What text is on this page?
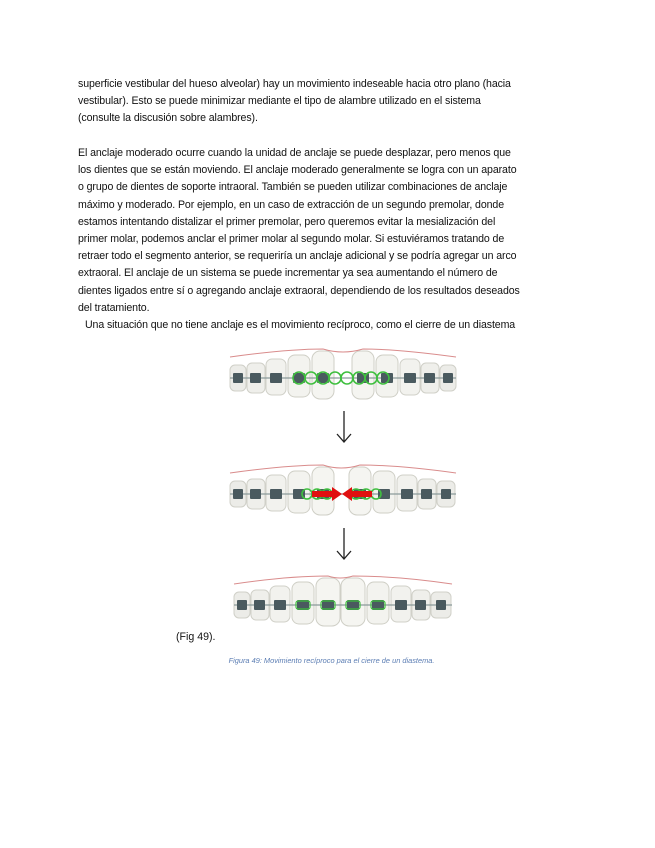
superficie vestibular del hueso alveolar) hay un movimiento indeseable hacia otro plano (hacia

vestibular). Esto se puede minimizar mediante el tipo de alambre utilizado en el sistema

(consulte la discusión sobre alambres).

El anclaje moderado ocurre cuando la unidad de anclaje se puede desplazar, pero menos que

los dientes que se están moviendo. El anclaje moderado generalmente se logra con un aparato

o grupo de dientes de soporte intraoral. También se pueden utilizar combinaciones de anclaje

máximo y moderado. Por ejemplo, en un caso de extracción de un segundo premolar, donde

estamos intentando distalizar el primer premolar, pero queremos evitar la mesialización del

primer molar, podemos anclar el primer molar al segundo molar. Si estuviéramos tratando de

retraer todo el segmento anterior, se requeriría un anclaje adicional y se podría agregar un arco

extraoral. El anclaje de un sistema se puede incrementar ya sea aumentando el número de

dientes ligados entre sí o agregando anclaje extraoral, dependiendo de los resultados deseados

del tratamiento.

Una situación que no tiene anclaje es el movimiento recíproco, como el cierre de un diastema

(Fig 49).
Figura 49: Movimiento recíproco para el cierre de un diastema.
